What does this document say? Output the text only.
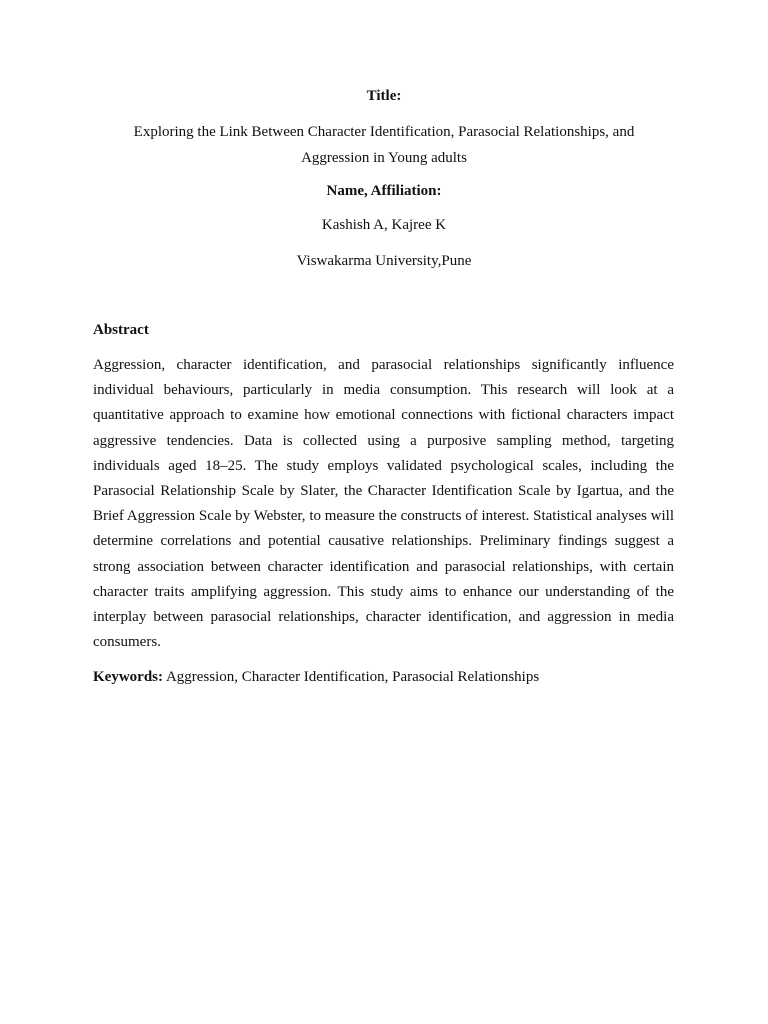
Title:
Exploring the Link Between Character Identification, Parasocial Relationships, and Aggression in Young adults
Name, Affiliation:
Kashish A, Kajree K
Viswakarma University,Pune
Abstract

Aggression, character identification, and parasocial relationships significantly influence individual behaviours, particularly in media consumption. This research will look at a quantitative approach to examine how emotional connections with fictional characters impact aggressive tendencies. Data is collected using a purposive sampling method, targeting individuals aged 18–25. The study employs validated psychological scales, including the Parasocial Relationship Scale by Slater, the Character Identification Scale by Igartua, and the Brief Aggression Scale by Webster, to measure the constructs of interest. Statistical analyses will determine correlations and potential causative relationships. Preliminary findings suggest a strong association between character identification and parasocial relationships, with certain character traits amplifying aggression. This study aims to enhance our understanding of the interplay between parasocial relationships, character identification, and aggression in media consumers.

Keywords: Aggression, Character Identification, Parasocial Relationships
